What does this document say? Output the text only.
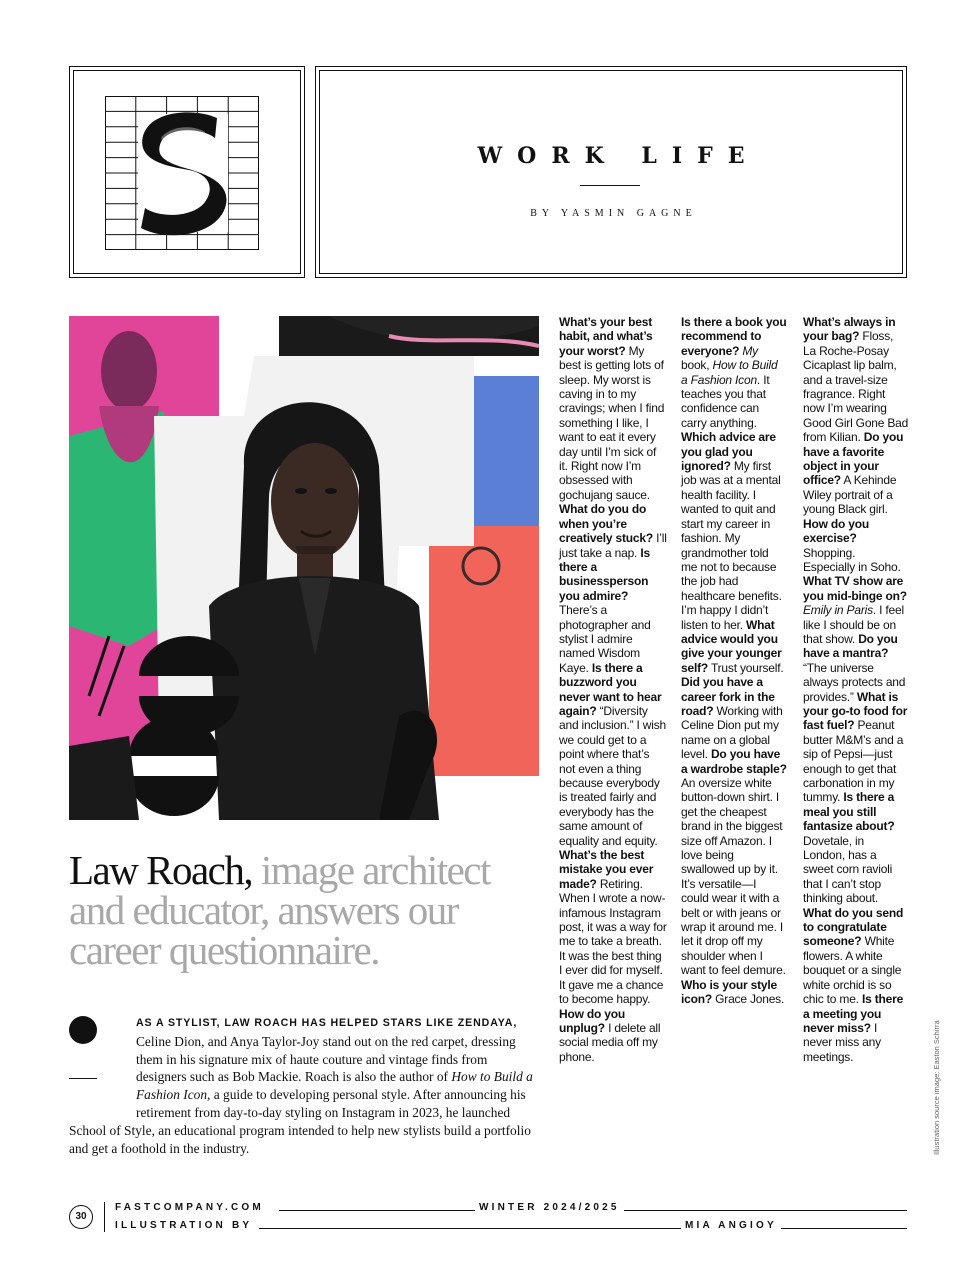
WORK LIFE
BY YASMIN GAGNE
Law Roach, image architect and educator, answers our career questionnaire.
AS A STYLIST, LAW ROACH HAS HELPED STARS LIKE ZENDAYA, Celine Dion, and Anya Taylor-Joy stand out on the red carpet, dressing them in his signature mix of haute couture and vintage finds from designers such as Bob Mackie. Roach is also the author of How to Build a Fashion Icon, a guide to developing personal style. After announcing his retirement from day-to-day styling on Instagram in 2023, he launched School of Style, an educational program intended to help new stylists build a portfolio and get a foothold in the industry.
What’s your best habit, and what’s your worst? My best is getting lots of sleep. My worst is caving in to my cravings; when I find something I like, I want to eat it every day until I’m sick of it. Right now I’m obsessed with gochujang sauce. What do you do when you’re creatively stuck? I’ll just take a nap. Is there a businessperson you admire? There’s a photographer and stylist I admire named Wisdom Kaye. Is there a buzzword you never want to hear again? “Diversity and inclusion.” I wish we could get to a point where that’s not even a thing because everybody is treated fairly and everybody has the same amount of equality and equity. What’s the best mistake you ever made? Retiring. When I wrote a now-infamous Instagram post, it was a way for me to take a breath. It was the best thing I ever did for myself. It gave me a chance to become happy. How do you unplug? I delete all social media off my phone.
Is there a book you recommend to everyone? My book, How to Build a Fashion Icon. It teaches you that confidence can carry anything. Which advice are you glad you ignored? My first job was at a mental health facility. I wanted to quit and start my career in fashion. My grandmother told me not to because the job had healthcare benefits. I’m happy I didn’t listen to her. What advice would you give your younger self? Trust yourself. Did you have a career fork in the road? Working with Celine Dion put my name on a global level. Do you have a wardrobe staple? An oversize white button-down shirt. I get the cheapest brand in the biggest size off Amazon. I love being swallowed up by it. It’s versatile—I could wear it with a belt or with jeans or wrap it around me. I let it drop off my shoulder when I want to feel demure. Who is your style icon? Grace Jones.
What’s always in your bag? Floss, La Roche-Posay Cicaplast lip balm, and a travel-size fragrance. Right now I’m wearing Good Girl Gone Bad from Kilian. Do you have a favorite object in your office? A Kehinde Wiley portrait of a young Black girl. How do you exercise? Shopping. Especially in Soho. What TV show are you mid-binge on? Emily in Paris. I feel like I should be on that show. Do you have a mantra? “The universe always protects and provides.” What is your go-to food for fast fuel? Peanut butter M&M’s and a sip of Pepsi—just enough to get that carbonation in my tummy. Is there a meal you still fantasize about? Dovetale, in London, has a sweet corn ravioli that I can’t stop thinking about. What do you send to congratulate someone? White flowers. A white bouquet or a single white orchid is so chic to me. Is there a meeting you never miss? I never miss any meetings.	Illustration source image: Easton Schirra
30
FASTCOMPANY.COM	WINTER 2024/2025
ILLUSTRATION BY	MIA ANGIOY
